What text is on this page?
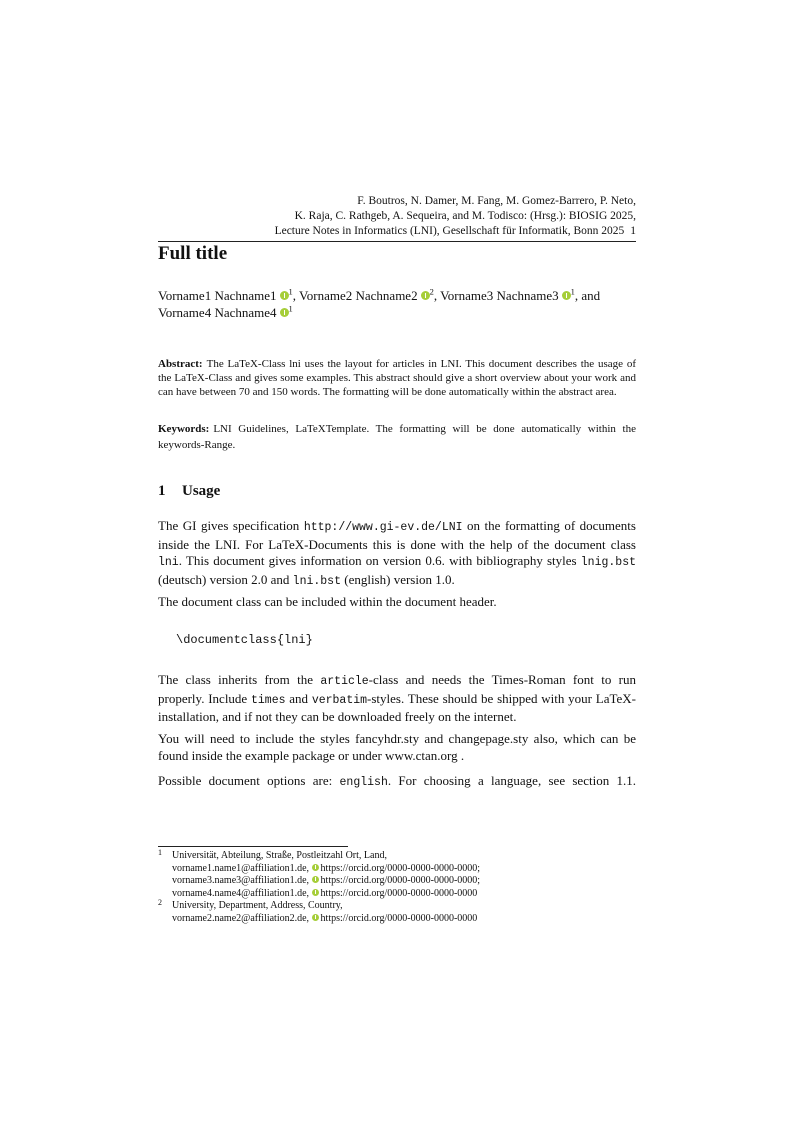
F. Boutros, N. Damer, M. Fang, M. Gomez-Barrero, P. Neto,
K. Raja, C. Rathgeb, A. Sequeira, and M. Todisco: (Hrsg.): BIOSIG 2025,
Lecture Notes in Informatics (LNI), Gesellschaft für Informatik, Bonn 2025 1
Full title
Vorname1 Nachname1 $^1$, Vorname2 Nachname2 $^2$, Vorname3 Nachname3 $^1$, and Vorname4 Nachname4 $^1$
Abstract: The LaTeX-Class lni uses the layout for articles in LNI. This document describes the usage of the LaTeX-Class and gives some examples. This abstract should give a short overview about your work and can have between 70 and 150 words. The formatting will be done automatically within the abstract area.
Keywords: LNI Guidelines, LaTeXTemplate. The formatting will be done automatically within the keywords-Range.
1 Usage

The GI gives specification http://www.gi-ev.de/LNI on the formatting of documents inside the LNI. For LaTeX-Documents this is done with the help of the document class lni. This document gives information on version 0.6. with bibliography styles lnig.bst (deutsch) version 2.0 and lni.bst (english) version 1.0.

The document class can be included within the document header.

\documentclass{lni}

The class inherits from the article-class and needs the Times-Roman font to run properly. Include times and verbatim-styles. These should be shipped with your LaTeX-installation, and if not they can be downloaded freely on the internet.

You will need to include the styles fancyhdr.sty and changepage.sty also, which can be found inside the example package or under www.ctan.org .

Possible document options are: english. For choosing a language, see section 1.1.

1 Universität, Abteilung, Straße, Postleitzahl Ort, Land,
vorname1.name1@affiliation1.de, https://orcid.org/0000-0000-0000-0000;
vorname3.name3@affiliation1.de, https://orcid.org/0000-0000-0000-0000;
vorname4.name4@affiliation1.de, https://orcid.org/0000-0000-0000-0000
2 University, Department, Address, Country,
vorname2.name2@affiliation2.de, https://orcid.org/0000-0000-0000-0000
